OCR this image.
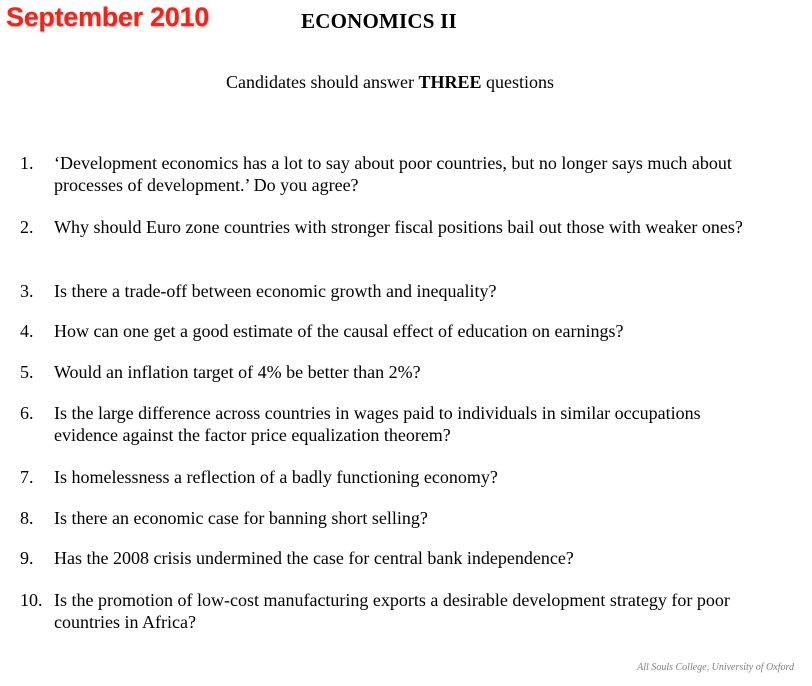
September 2010	ECONOMICS II
Candidates should answer THREE questions
1.	‘Development economics has a lot to say about poor countries, but no longer says much about processes of development.’ Do you agree?
2.	Why should Euro zone countries with stronger fiscal positions bail out those with weaker ones?
3.	Is there a trade-off between economic growth and inequality?
4.	How can one get a good estimate of the causal effect of education on earnings?
5.	Would an inflation target of 4% be better than 2%?
6.	Is the large difference across countries in wages paid to individuals in similar occupations evidence against the factor price equalization theorem?
7.	Is homelessness a reflection of a badly functioning economy?
8.	Is there an economic case for banning short selling?
9.	Has the 2008 crisis undermined the case for central bank independence?
10. Is the promotion of low-cost manufacturing exports a desirable development strategy for poor countries in Africa?
All Souls College, University of Oxford
